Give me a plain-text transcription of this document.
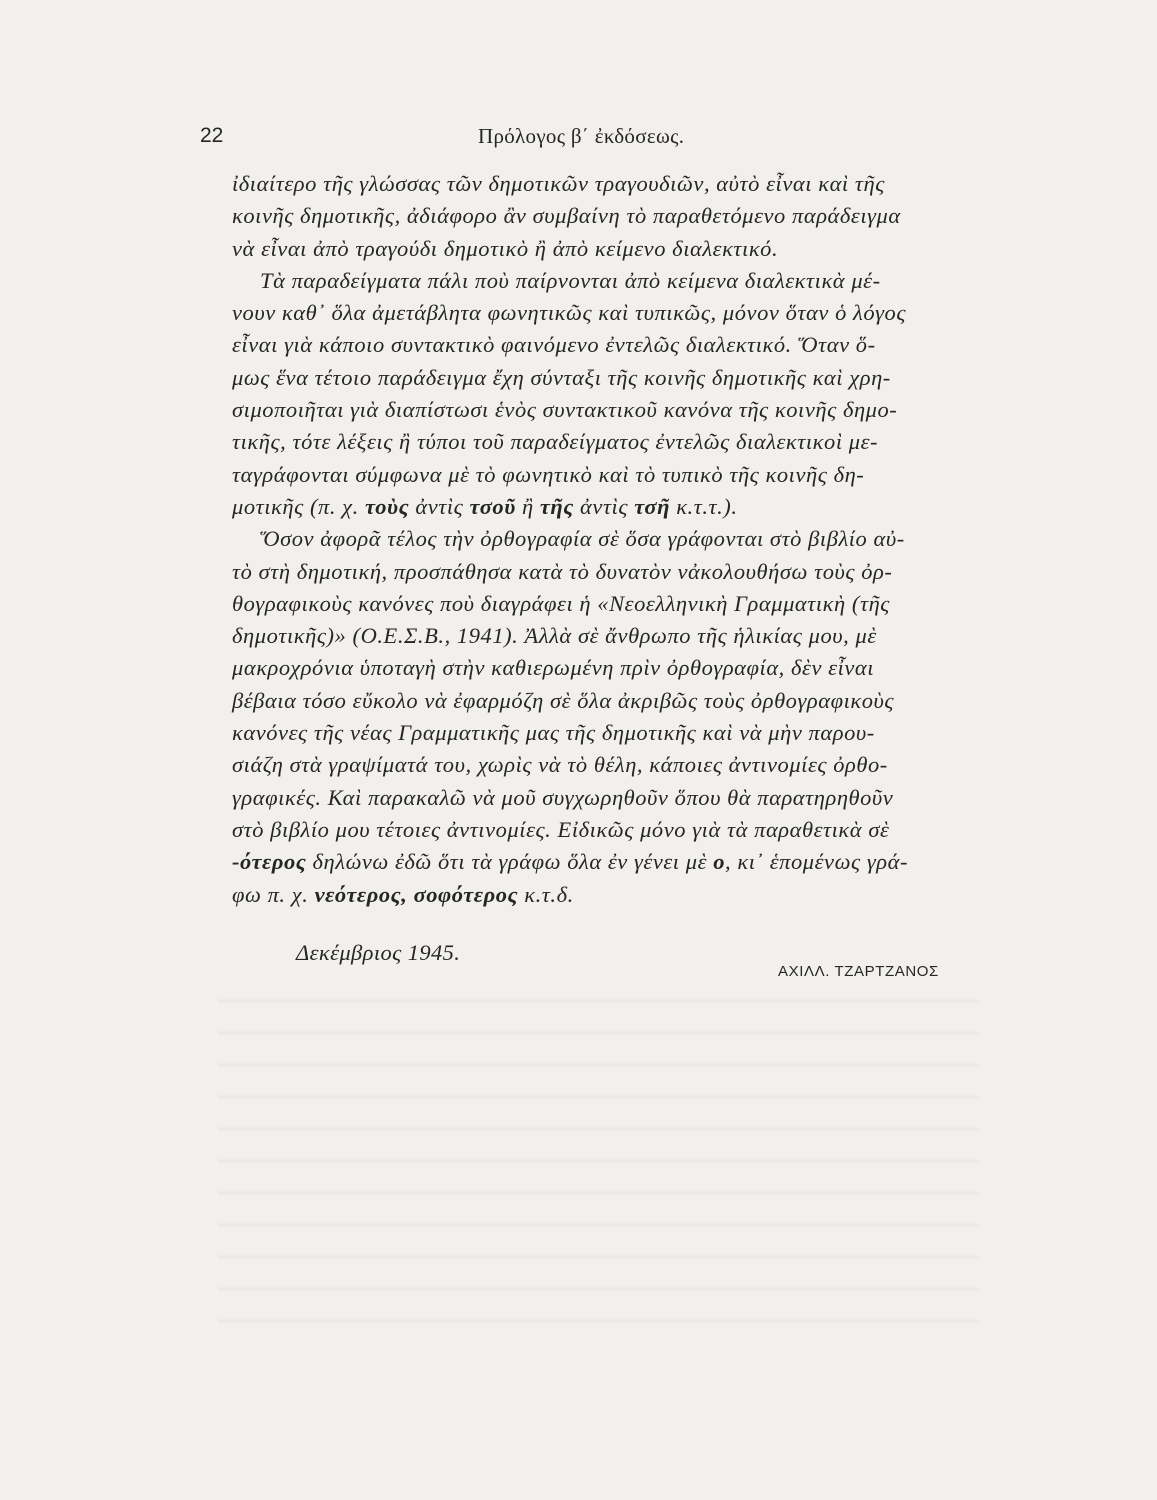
22	Πρόλογος β΄ ἐκδόσεως.
ἰδιαίτερο τῆς γλώσσας τῶν δημοτικῶν τραγουδιῶν, αὐτὸ εἶναι καὶ τῆς
κοινῆς δημοτικῆς, ἀδιάφορο ἂν συμβαίνη τὸ παραθετόμενο παράδειγμα
νὰ εἶναι ἀπὸ τραγούδι δημοτικὸ ἢ ἀπὸ κείμενο διαλεκτικό.
Τὰ παραδείγματα πάλι ποὺ παίρνονται ἀπὸ κείμενα διαλεκτικὰ μέ-
νουν καθ᾿ ὅλα ἀμετάβλητα φωνητικῶς καὶ τυπικῶς, μόνον ὅταν ὁ λόγος
εἶναι γιὰ κάποιο συντακτικὸ φαινόμενο ἐντελῶς διαλεκτικό. Ὅταν ὅ-
μως ἕνα τέτοιο παράδειγμα ἔχη σύνταξι τῆς κοινῆς δημοτικῆς καὶ χρη-
σιμοποιῆται γιὰ διαπίστωσι ἑνὸς συντακτικοῦ κανόνα τῆς κοινῆς δημο-
τικῆς, τότε λέξεις ἢ τύποι τοῦ παραδείγματος ἐντελῶς διαλεκτικοὶ με-
ταγράφονται σύμφωνα μὲ τὸ φωνητικὸ καὶ τὸ τυπικὸ τῆς κοινῆς δη-
μοτικῆς (π. χ. τοὺς ἀντὶς τσοῦ ἢ τῆς ἀντὶς τσῆ κ.τ.τ.).
Ὅσον ἀφορᾶ τέλος τὴν ὀρθογραφία σὲ ὅσα γράφονται στὸ βιβλίο αὐ-
τὸ στὴ δημοτική, προσπάθησα κατὰ τὸ δυνατὸν νἀκολουθήσω τοὺς ὀρ-
θογραφικοὺς κανόνες ποὺ διαγράφει ἡ «Νεοελληνικὴ Γραμματικὴ (τῆς
δημοτικῆς)» (Ο.Ε.Σ.Β., 1941). Ἀλλὰ σὲ ἄνθρωπο τῆς ἡλικίας μου, μὲ
μακροχρόνια ὑποταγὴ στὴν καθιερωμένη πρὶν ὀρθογραφία, δὲν εἶναι
βέβαια τόσο εὔκολο νὰ ἐφαρμόζη σὲ ὅλα ἀκριβῶς τοὺς ὀρθογραφικοὺς
κανόνες τῆς νέας Γραμματικῆς μας τῆς δημοτικῆς καὶ νὰ μὴν παρου-
σιάζη στὰ γραψίματά του, χωρὶς νὰ τὸ θέλη, κάποιες ἀντινομίες ὀρθο-
γραφικές. Καὶ παρακαλῶ νὰ μοῦ συγχωρηθοῦν ὅπου θὰ παρατηρηθοῦν
στὸ βιβλίο μου τέτοιες ἀντινομίες. Εἰδικῶς μόνο γιὰ τὰ παραθετικὰ σὲ
-ότερος δηλώνω ἐδῶ ὅτι τὰ γράφω ὅλα ἐν γένει μὲ ο, κι᾿ ἑπομένως γρά-
φω π. χ. νεότερος, σοφότερος κ.τ.δ.
Δεκέμβριος 1945.
ΑΧΙΛΛ. ΤΖΑΡΤΖΑΝΟΣ
